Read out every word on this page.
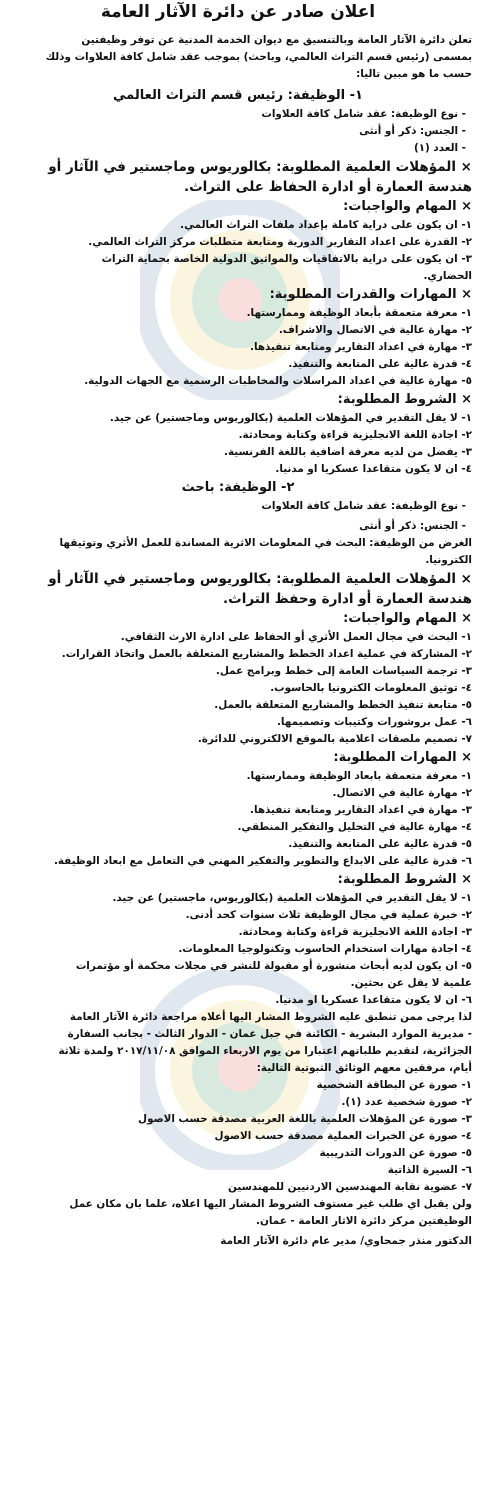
اعلان صادر عن دائرة الآثار العامة
تعلن دائرة الآثار العامة وبالتنسيق مع ديوان الخدمة المدنية عن توفر وظيفتين
بمسمى (رئيس قسم التراث العالمي، وباحث) بموجب عقد شامل كافة العلاوات وذلك
حسب ما هو مبين تاليا:
١- الوظيفة: رئيس قسم التراث العالمي
- نوع الوظيفة: عقد شامل كافة العلاوات
- الجنس: ذكر أو أنثى
- العدد (١)
× المؤهلات العلمية المطلوبة: بكالوريوس وماجستير في الآثار أو
هندسة العمارة أو ادارة الحفاظ على التراث.
× المهام والواجبات:
١- ان يكون على دراية كاملة بإعداد ملفات التراث العالمي.
٢- القدرة على اعداد التقارير الدورية ومتابعة متطلبات مركز التراث العالمي.
٣- ان يكون على دراية بالاتفاقيات والمواثيق الدولية الخاصة بحماية التراث
الحضاري.
× المهارات والقدرات المطلوبة:
١- معرفة متعمقة بأبعاد الوظيفة وممارستها.
٢- مهارة عالية في الاتصال والاشراف.
٣- مهارة في اعداد التقارير ومتابعة تنفيذها.
٤- قدرة عالية على المتابعة والتنفيذ.
٥- مهارة عالية في اعداد المراسلات والمخاطبات الرسمية مع الجهات الدولية.
× الشروط المطلوبة:
١- لا يقل التقدير في المؤهلات العلمية (بكالوريوس وماجستير) عن جيد.
٢- اجادة اللغة الانجليزية قراءة وكتابة ومحادثة.
٣- يفضل من لديه معرفة اضافية باللغة الفرنسية.
٤- ان لا يكون متقاعدا عسكريا او مدنيا.
٢- الوظيفة: باحث
- نوع الوظيفة: عقد شامل كافة العلاوات
- الجنس: ذكر أو أنثى
الغرض من الوظيفة: البحث في المعلومات الاثرية المساندة للعمل الأثري وتوثيقها
الكترونيا.
× المؤهلات العلمية المطلوبة: بكالوريوس وماجستير في الآثار أو
هندسة العمارة أو ادارة وحفظ التراث.
× المهام والواجبات:
١- البحث في مجال العمل الأثري أو الحفاظ على ادارة الارث الثقافي.
٢- المشاركة في عملية اعداد الخطط والمشاريع المتعلقة بالعمل واتخاذ القرارات.
٣- ترجمة السياسات العامة إلى خطط وبرامج عمل.
٤- توثيق المعلومات الكترونيا بالحاسوب.
٥- متابعة تنفيذ الخطط والمشاريع المتعلقة بالعمل.
٦- عمل بروشورات وكتيبات وتصميمها.
٧- تصميم ملصقات اعلامية بالموقع الالكتروني للدائرة.
× المهارات المطلوبة:
١- معرفة متعمقة بابعاد الوظيفة وممارستها.
٢- مهارة عالية في الاتصال.
٣- مهارة في اعداد التقارير ومتابعة تنفيذها.
٤- مهارة عالية في التحليل والتفكير المنطقي.
٥- قدرة عالية على المتابعة والتنفيذ.
٦- قدرة عالية على الابداع والتطوير والتفكير المهني في التعامل مع ابعاد الوظيفة.
× الشروط المطلوبة:
١- لا يقل التقدير في المؤهلات العلمية (بكالوريوس، ماجستير) عن جيد.
٢- خبرة عملية في مجال الوظيفة ثلاث سنوات كحد أدنى.
٣- اجادة اللغة الانجليزية قراءة وكتابة ومحادثة.
٤- اجادة مهارات استخدام الحاسوب وتكنولوجيا المعلومات.
٥- ان يكون لديه أبحاث منشورة أو مقبولة للنشر في مجلات محكمة أو مؤتمرات
علمية لا يقل عن بحثين.
٦- ان لا يكون متقاعدا عسكريا او مدنيا.
لذا يرجى ممن تنطبق عليه الشروط المشار اليها أعلاه مراجعة دائرة الآثار العامة
- مديرية الموارد البشرية - الكائنة في جبل عمان - الدوار الثالث - بجانب السفارة
الجزائرية، لتقديم طلباتهم اعتبارا من يوم الاربعاء الموافق ٢٠١٧/١١/٠٨ ولمدة ثلاثة
أيام، مرفقين معهم الوثائق الثبوتية التالية:
١- صورة عن البطاقة الشخصية
٢- صورة شخصية عدد (١).
٣- صورة عن المؤهلات العلمية باللغة العربية مصدقة حسب الاصول
٤- صورة عن الخبرات العملية مصدقة حسب الاصول
٥- صورة عن الدورات التدريبية
٦- السيرة الذاتية
٧- عضوية نقابة المهندسين الاردنيين للمهندسين
ولن يقبل اي طلب غير مستوف الشروط المشار اليها اعلاه، علما بان مكان عمل
الوظيفتين مركز دائرة الاثار العامة - عمان.
الدكتور منذر جمحاوي/ مدير عام دائرة الآثار العامة
